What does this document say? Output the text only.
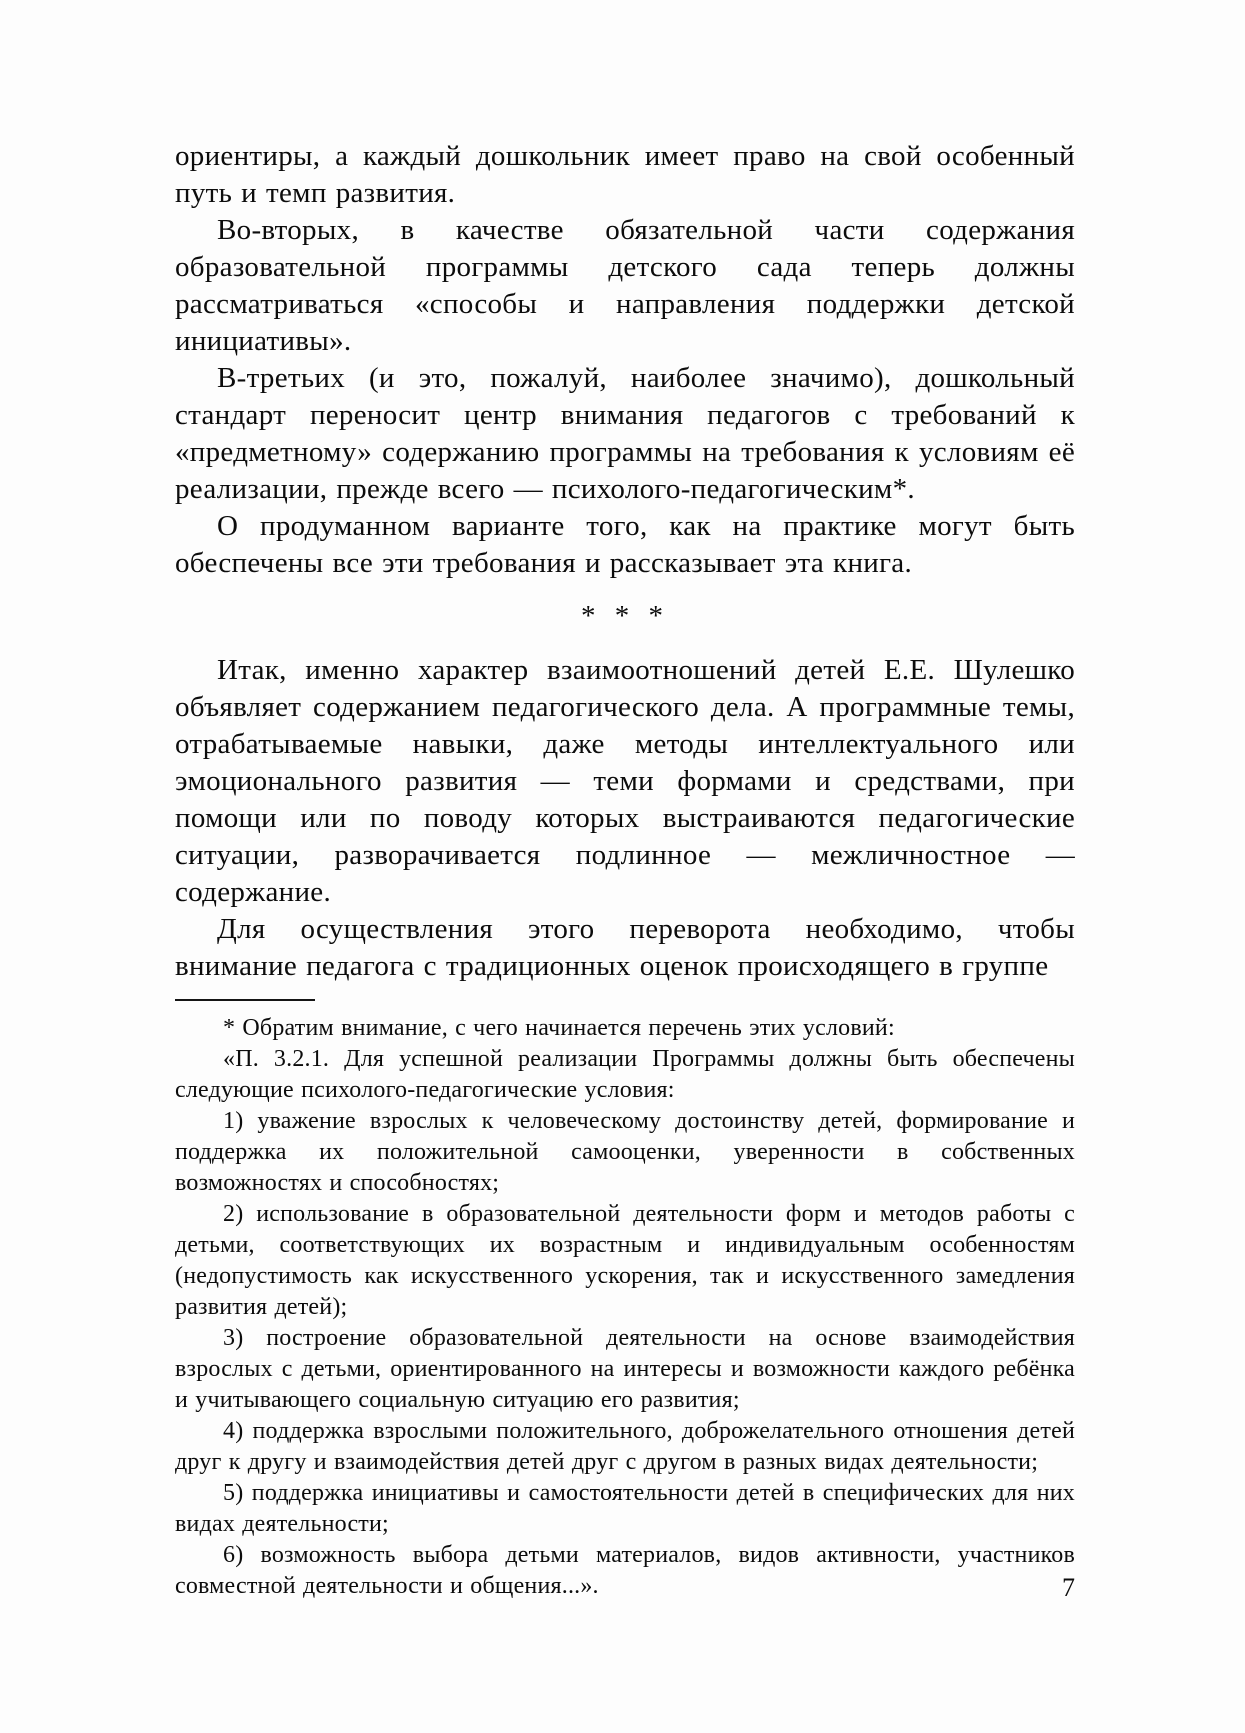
ориентиры, а каждый дошкольник имеет право на свой особенный путь и темп развития.

Во-вторых, в качестве обязательной части содержания образовательной программы детского сада теперь должны рассматриваться «способы и направления поддержки детской инициативы».

В-третьих (и это, пожалуй, наиболее значимо), дошкольный стандарт переносит центр внимания педагогов с требований к «предметному» содержанию программы на требования к условиям её реализации, прежде всего — психолого-педагогическим*.

О продуманном варианте того, как на практике могут быть обеспечены все эти требования и рассказывает эта книга.

* * *

Итак, именно характер взаимоотношений детей Е.Е. Шулешко объявляет содержанием педагогического дела. А программные темы, отрабатываемые навыки, даже методы интеллектуального или эмоционального развития — теми формами и средствами, при помощи или по поводу которых выстраиваются педагогические ситуации, разворачивается подлинное — межличностное — содержание.

Для осуществления этого переворота необходимо, чтобы внимание педагога с традиционных оценок происходящего в группе

* Обратим внимание, с чего начинается перечень этих условий:

«П. 3.2.1. Для успешной реализации Программы должны быть обеспечены следующие психолого-педагогические условия:

1) уважение взрослых к человеческому достоинству детей, формирование и поддержка их положительной самооценки, уверенности в собственных возможностях и способностях;

2) использование в образовательной деятельности форм и методов работы с детьми, соответствующих их возрастным и индивидуальным особенностям (недопустимость как искусственного ускорения, так и искусственного замедления развития детей);

3) построение образовательной деятельности на основе взаимодействия взрослых с детьми, ориентированного на интересы и возможности каждого ребёнка и учитывающего социальную ситуацию его развития;

4) поддержка взрослыми положительного, доброжелательного отношения детей друг к другу и взаимодействия детей друг с другом в разных видах деятельности;

5) поддержка инициативы и самостоятельности детей в специфических для них видах деятельности;

6) возможность выбора детьми материалов, видов активности, участников совместной деятельности и общения...».	7
